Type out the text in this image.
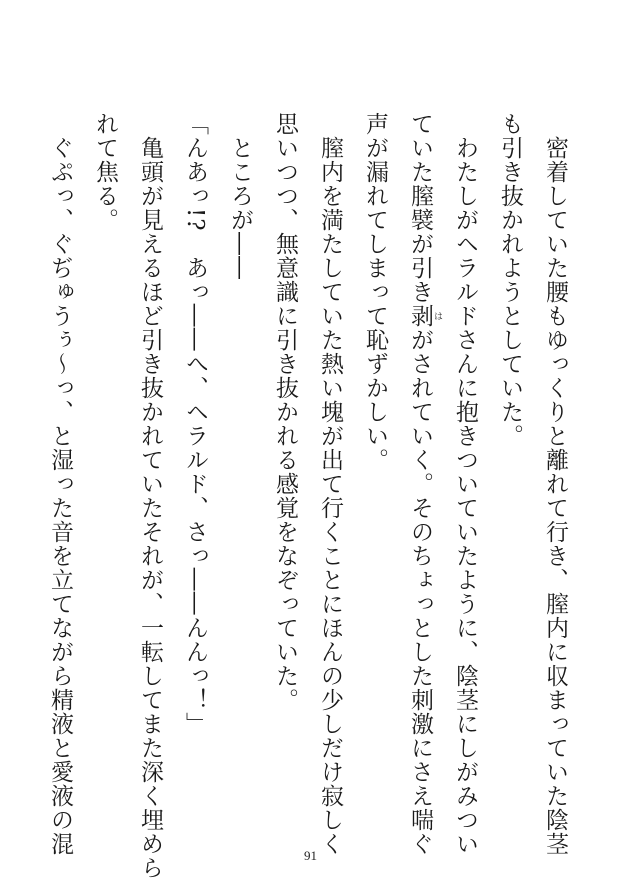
　密着していた腰もゆっくりと離れて行き、膣内に収まっていた陰茎

も引き抜かれようとしていた。

　わたしがヘラルドさんに抱きついていたように、陰茎にしがみつい

ていた膣襞が引き剥 はがされていく。そのちょっとした刺激にさえ喘ぐ

声が漏れてしまって恥ずかしい。

　膣内を満たしていた熱い塊が出て行くことにほんの少しだけ寂しく

思いつつ、無意識に引き抜かれる感覚をなぞっていた。

　ところが――

「んあっ!?　あっ――へ、ヘラルド、さっ――んんっ！」

　亀頭が見えるほど引き抜かれていたそれが、一転してまた深く埋めら

れて焦る。

　ぐぷっ、ぐぢゅうぅ～っ、と湿った音を立てながら精液と愛液の混	91
